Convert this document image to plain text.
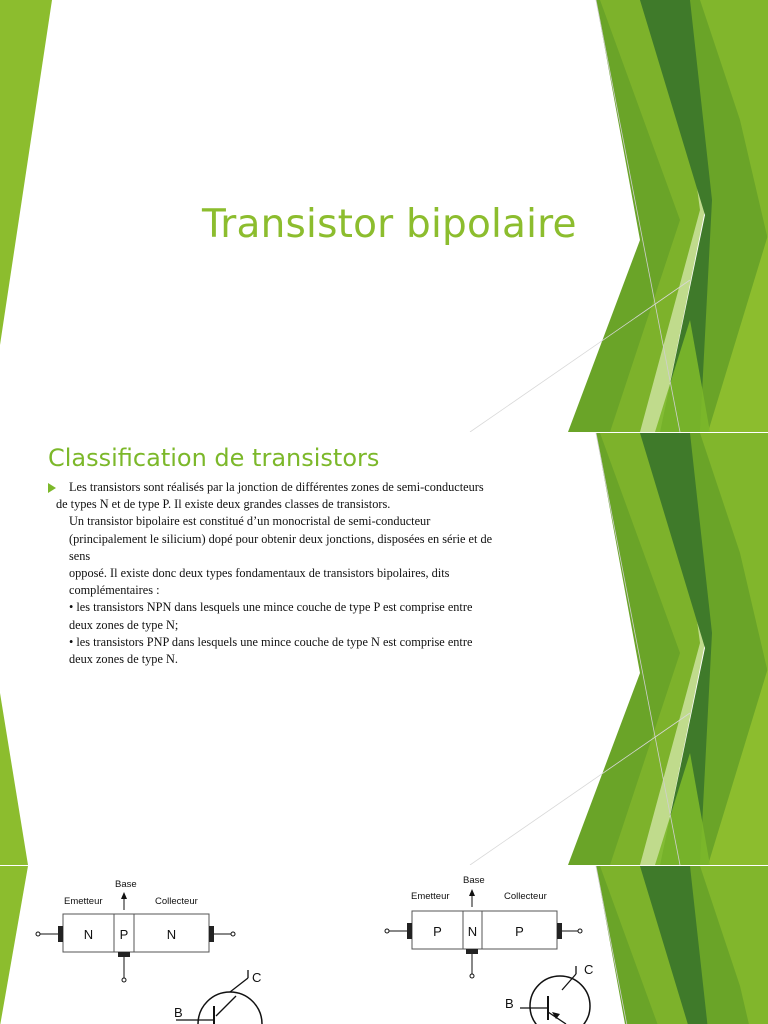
Transistor bipolaire
Classification de transistors
Les transistors sont réalisés par la jonction de différentes zones de semi-conducteurs
de types N et de type P. Il existe deux grandes classes de transistors.
Un transistor bipolaire est constitué d’un monocristal de semi-conducteur
(principalement le silicium) dopé pour obtenir deux jonctions, disposées en série et de
sens
opposé. Il existe donc deux types fondamentaux de transistors bipolaires, dits
complémentaires :
• les transistors NPN dans lesquels une mince couche de type P est comprise entre
deux zones de type N;
• les transistors PNP dans lesquels une mince couche de type N est comprise entre
deux zones de type N.
Base
Emetteur	Collecteur
N	P	N
C
B
Base
Emetteur	Collecteur
P	N	P
C
B
